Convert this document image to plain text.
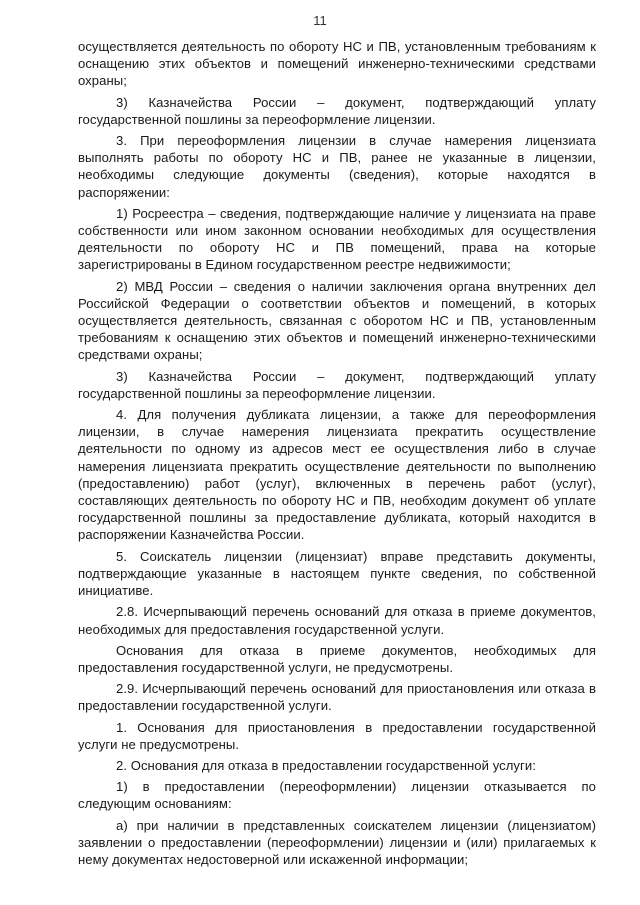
11

осуществляется деятельность по обороту НС и ПВ, установленным требованиям к оснащению этих объектов и помещений инженерно-техническими средствами охраны;

3) Казначейства России – документ, подтверждающий уплату государственной пошлины за переоформление лицензии.

3. При переоформления лицензии в случае намерения лицензиата выполнять работы по обороту НС и ПВ, ранее не указанные в лицензии, необходимы следующие документы (сведения), которые находятся в распоряжении:

1) Росреестра – сведения, подтверждающие наличие у лицензиата на праве собственности или ином законном основании необходимых для осуществления деятельности по обороту НС и ПВ помещений, права на которые зарегистрированы в Едином государственном реестре недвижимости;

2) МВД России – сведения о наличии заключения органа внутренних дел Российской Федерации о соответствии объектов и помещений, в которых осуществляется деятельность, связанная с оборотом НС и ПВ, установленным требованиям к оснащению этих объектов и помещений инженерно-техническими средствами охраны;

3) Казначейства России – документ, подтверждающий уплату государственной пошлины за переоформление лицензии.

4. Для получения дубликата лицензии, а также для переоформления лицензии, в случае намерения лицензиата прекратить осуществление деятельности по одному из адресов мест ее осуществления либо в случае намерения лицензиата прекратить осуществление деятельности по выполнению (предоставлению) работ (услуг), включенных в перечень работ (услуг), составляющих деятельность по обороту НС и ПВ, необходим документ об уплате государственной пошлины за предоставление дубликата, который находится в распоряжении Казначейства России.

5. Соискатель лицензии (лицензиат) вправе представить документы, подтверждающие указанные в настоящем пункте сведения, по собственной инициативе.

2.8. Исчерпывающий перечень оснований для отказа в приеме документов, необходимых для предоставления государственной услуги.

Основания для отказа в приеме документов, необходимых для предоставления государственной услуги, не предусмотрены.

2.9. Исчерпывающий перечень оснований для приостановления или отказа в предоставлении государственной услуги.

1. Основания для приостановления в предоставлении государственной услуги не предусмотрены.

2. Основания для отказа в предоставлении государственной услуги:

1) в предоставлении (переоформлении) лицензии отказывается по следующим основаниям:

а) при наличии в представленных соискателем лицензии (лицензиатом) заявлении о предоставлении (переоформлении) лицензии и (или) прилагаемых к нему документах недостоверной или искаженной информации;
